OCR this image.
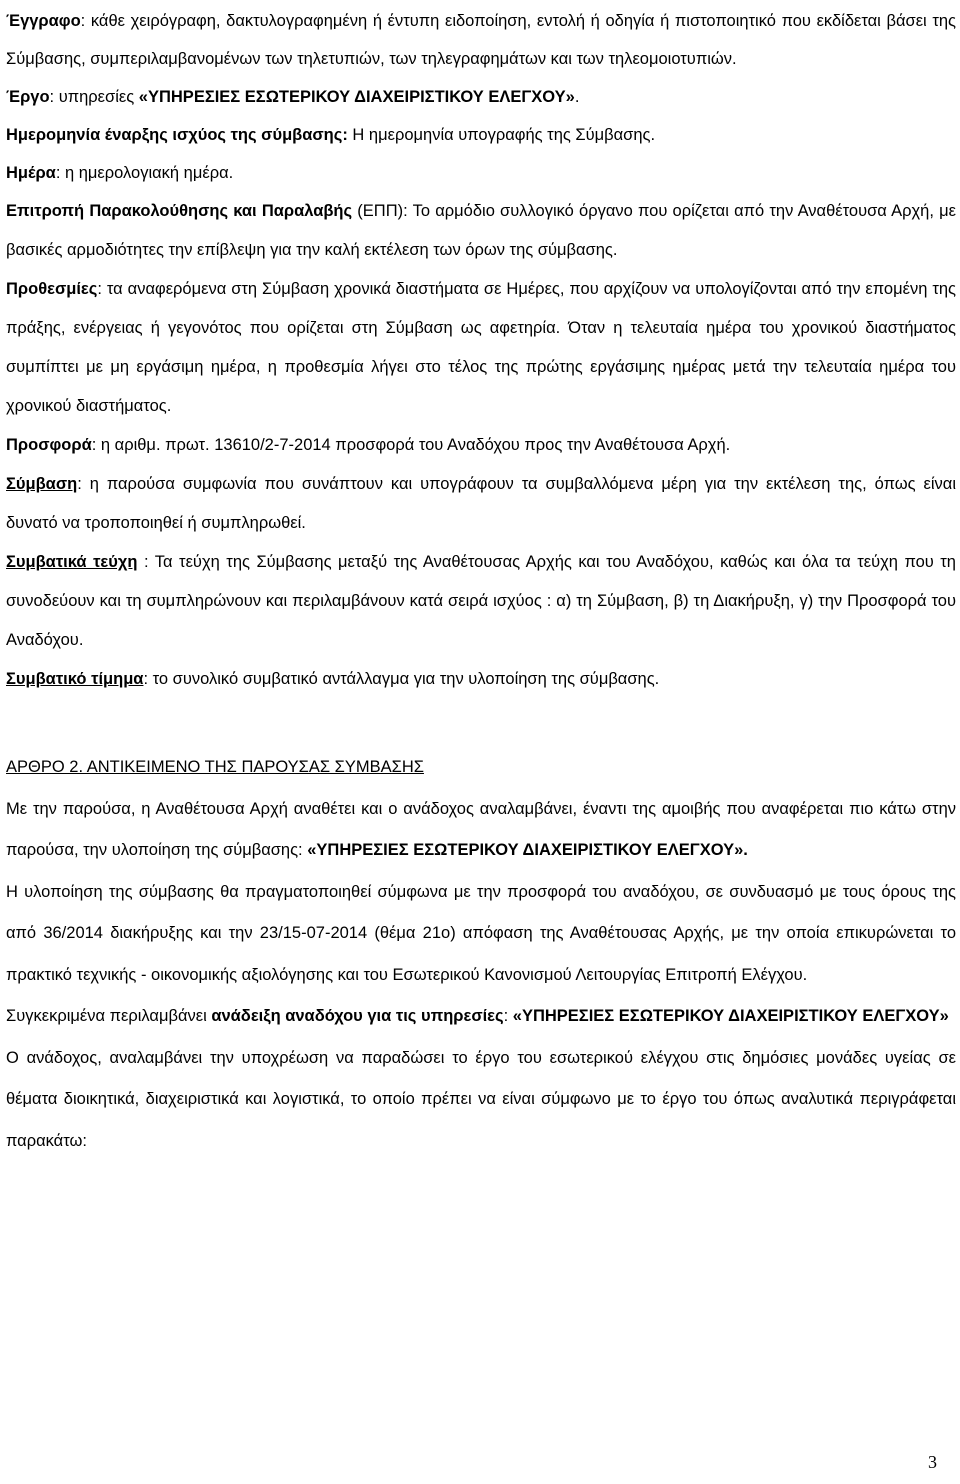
Έγγραφο: κάθε χειρόγραφη, δακτυλογραφημένη ή έντυπη ειδοποίηση, εντολή ή οδηγία ή πιστοποιητικό που εκδίδεται βάσει της Σύμβασης, συμπεριλαμβανομένων των τηλετυπιών, των τηλεγραφημάτων και των τηλεομοιοτυπιών.

Έργο: υπηρεσίες «ΥΠΗΡΕΣΙΕΣ ΕΣΩΤΕΡΙΚΟΥ ΔΙΑΧΕΙΡΙΣΤΙΚΟΥ ΕΛΕΓΧΟΥ».

Ημερομηνία έναρξης ισχύος της σύμβασης: Η ημερομηνία υπογραφής της Σύμβασης.

Ημέρα: η ημερολογιακή ημέρα.

Επιτροπή Παρακολούθησης και Παραλαβής (ΕΠΠ): Το αρμόδιο συλλογικό όργανο που ορίζεται από την Αναθέτουσα Αρχή, με βασικές αρμοδιότητες την επίβλεψη για την καλή εκτέλεση των όρων της σύμβασης.

Προθεσμίες: τα αναφερόμενα στη Σύμβαση χρονικά διαστήματα σε Ημέρες, που αρχίζουν να υπολογίζονται από την επομένη της πράξης, ενέργειας ή γεγονότος που ορίζεται στη Σύμβαση ως αφετηρία. Όταν η τελευταία ημέρα του χρονικού διαστήματος συμπίπτει με μη εργάσιμη ημέρα, η προθεσμία λήγει στο τέλος της πρώτης εργάσιμης ημέρας μετά την τελευταία ημέρα του χρονικού διαστήματος.

Προσφορά: η αριθμ. πρωτ. 13610/2-7-2014 προσφορά του Αναδόχου προς την Αναθέτουσα Αρχή.

Σύμβαση: η παρούσα συμφωνία που συνάπτουν και υπογράφουν τα συμβαλλόμενα μέρη για την εκτέλεση της, όπως είναι δυνατό να τροποποιηθεί ή συμπληρωθεί.

Συμβατικά τεύχη : Τα τεύχη της Σύμβασης μεταξύ της Αναθέτουσας Αρχής και του Αναδόχου, καθώς και όλα τα τεύχη που τη συνοδεύουν και τη συμπληρώνουν και περιλαμβάνουν κατά σειρά ισχύος : α) τη Σύμβαση, β) τη Διακήρυξη, γ) την Προσφορά του Αναδόχου.

Συμβατικό τίμημα: το συνολικό συμβατικό αντάλλαγμα για την υλοποίηση της σύμβασης.

ΑΡΘΡΟ 2. ΑΝΤΙΚΕΙΜΕΝΟ ΤΗΣ ΠΑΡΟΥΣΑΣ ΣΥΜΒΑΣΗΣ

Με την παρούσα, η Αναθέτουσα Αρχή αναθέτει και ο ανάδοχος αναλαμβάνει, έναντι της αμοιβής που αναφέρεται πιο κάτω στην παρούσα, την υλοποίηση της σύμβασης: «ΥΠΗΡΕΣΙΕΣ ΕΣΩΤΕΡΙΚΟΥ ΔΙΑΧΕΙΡΙΣΤΙΚΟΥ ΕΛΕΓΧΟΥ».

Η υλοποίηση της σύμβασης θα πραγματοποιηθεί σύμφωνα με την προσφορά του αναδόχου, σε συνδυασμό με τους όρους της από 36/2014 διακήρυξης και την 23/15-07-2014 (θέμα 21ο) απόφαση της Αναθέτουσας Αρχής, με την οποία επικυρώνεται το πρακτικό τεχνικής - οικονομικής αξιολόγησης και του Εσωτερικού Κανονισμού Λειτουργίας Επιτροπή Ελέγχου.

Συγκεκριμένα περιλαμβάνει ανάδειξη αναδόχου για τις υπηρεσίες: «ΥΠΗΡΕΣΙΕΣ ΕΣΩΤΕΡΙΚΟΥ ΔΙΑΧΕΙΡΙΣΤΙΚΟΥ ΕΛΕΓΧΟΥ»

Ο ανάδοχος, αναλαμβάνει την υποχρέωση να παραδώσει το έργο του εσωτερικού ελέγχου στις δημόσιες μονάδες υγείας σε θέματα διοικητικά, διαχειριστικά και λογιστικά, το οποίο πρέπει να είναι σύμφωνο με το έργο του όπως αναλυτικά περιγράφεται παρακάτω:

3
